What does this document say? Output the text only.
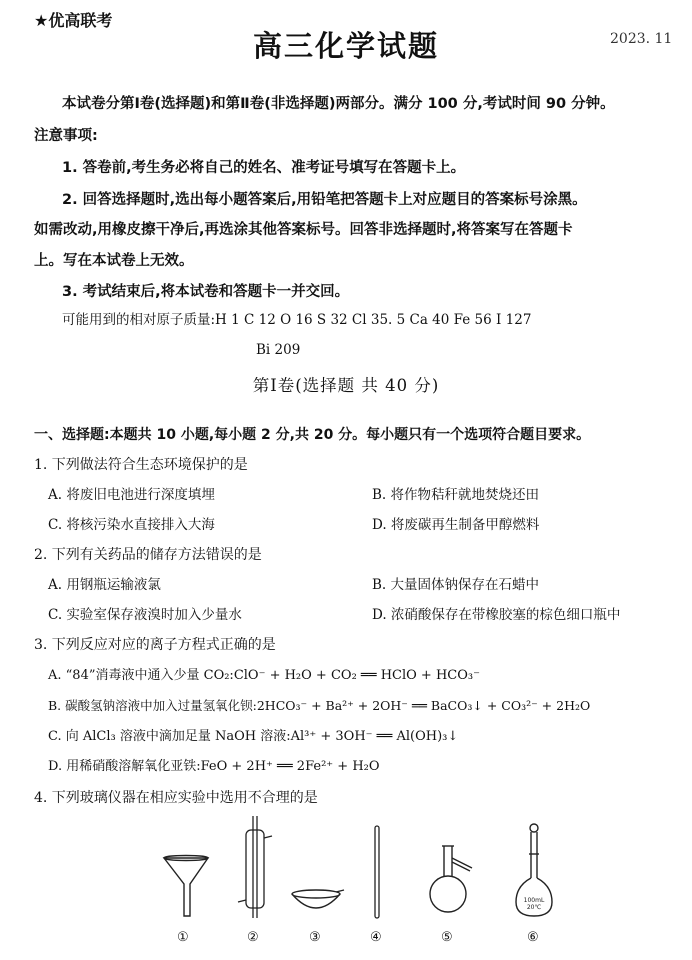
★优高联考
高三化学试题	2023. 11
本试卷分第Ⅰ卷(选择题)和第Ⅱ卷(非选择题)两部分。满分 100 分,考试时间 90 分钟。
注意事项:
1. 答卷前,考生务必将自己的姓名、准考证号填写在答题卡上。
2. 回答选择题时,选出每小题答案后,用铅笔把答题卡上对应题目的答案标号涂黑。
如需改动,用橡皮擦干净后,再选涂其他答案标号。回答非选择题时,将答案写在答题卡
上。写在本试卷上无效。
3. 考试结束后,将本试卷和答题卡一并交回。
可能用到的相对原子质量:H 1 C 12 O 16 S 32 Cl 35. 5 Ca 40 Fe 56 I 127
Bi 209
第Ⅰ卷(选择题 共 40 分)
一、选择题:本题共 10 小题,每小题 2 分,共 20 分。每小题只有一个选项符合题目要求。
1. 下列做法符合生态环境保护的是
A. 将废旧电池进行深度填埋	B. 将作物秸秆就地焚烧还田
C. 将核污染水直接排入大海	D. 将废碳再生制备甲醇燃料
2. 下列有关药品的储存方法错误的是
A. 用钢瓶运输液氯	B. 大量固体钠保存在石蜡中
C. 实验室保存液溴时加入少量水	D. 浓硝酸保存在带橡胶塞的棕色细口瓶中
3. 下列反应对应的离子方程式正确的是
A. “84”消毒液中通入少量 CO₂:ClO⁻ + H₂O + CO₂ ══ HClO + HCO₃⁻
B. 碳酸氢钠溶液中加入过量氢氧化钡:2HCO₃⁻ + Ba²⁺ + 2OH⁻ ══ BaCO₃↓ + CO₃²⁻ + 2H₂O
C. 向 AlCl₃ 溶液中滴加足量 NaOH 溶液:Al³⁺ + 3OH⁻ ══ Al(OH)₃↓
D. 用稀硝酸溶解氧化亚铁:FeO + 2H⁺ ══ 2Fe²⁺ + H₂O
4. 下列玻璃仪器在相应实验中选用不合理的是
100mL
20℃
①	②	③	④	⑤	⑥
